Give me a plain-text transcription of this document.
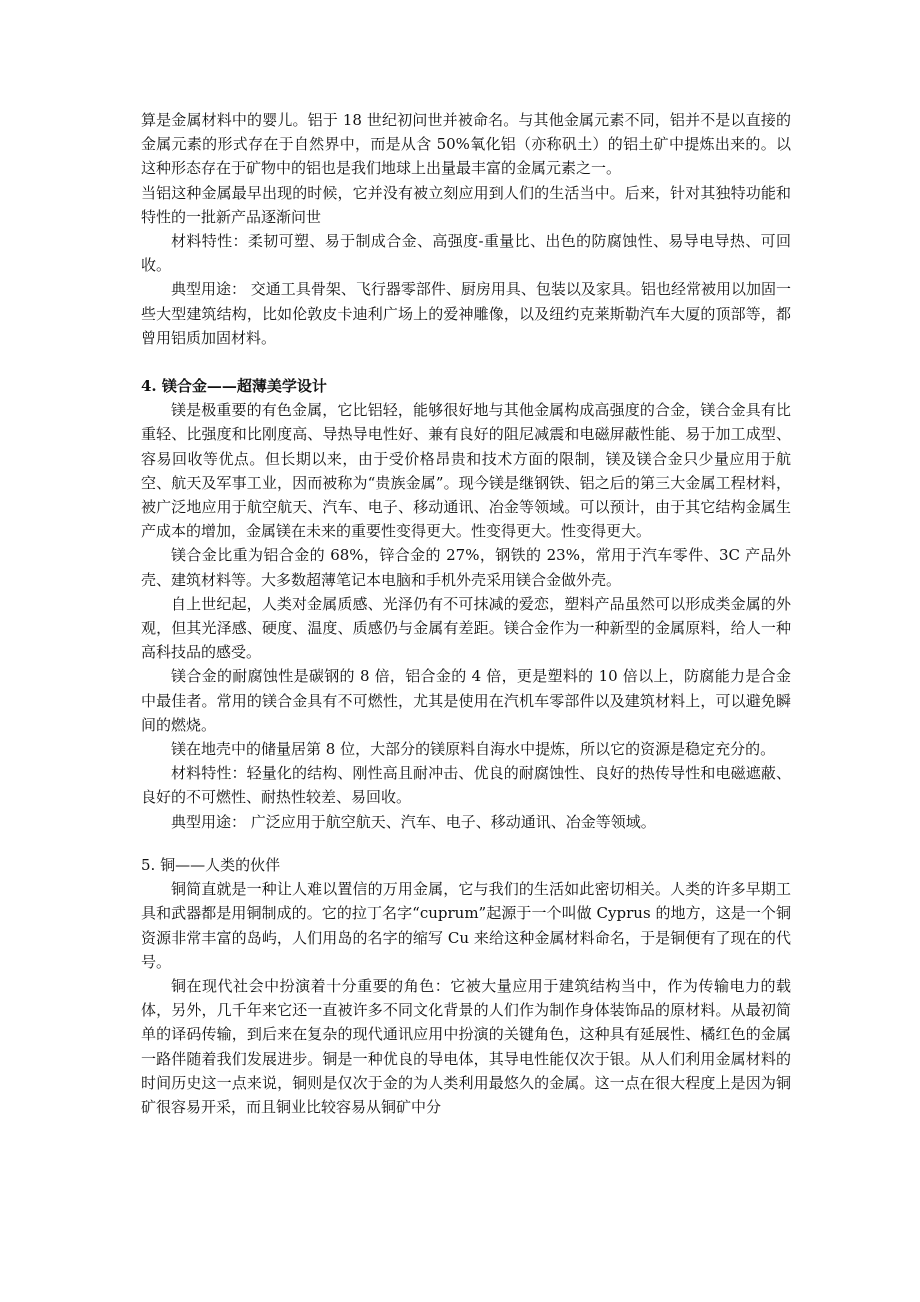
算是金属材料中的婴儿。铝于 18 世纪初问世并被命名。与其他金属元素不同，铝并不是以直接的金属元素的形式存在于自然界中，而是从含 50%氧化铝（亦称矾土）的铝土矿中提炼出来的。以这种形态存在于矿物中的铝也是我们地球上出量最丰富的金属元素之一。

当铝这种金属最早出现的时候，它并没有被立刻应用到人们的生活当中。后来，针对其独特功能和特性的一批新产品逐渐问世

材料特性：柔韧可塑、易于制成合金、高强度-重量比、出色的防腐蚀性、易导电导热、可回收。

典型用途： 交通工具骨架、飞行器零部件、厨房用具、包装以及家具。铝也经常被用以加固一些大型建筑结构，比如伦敦皮卡迪利广场上的爱神雕像，以及纽约克莱斯勒汽车大厦的顶部等，都曾用铝质加固材料。

4. 镁合金——超薄美学设计

镁是极重要的有色金属，它比铝轻，能够很好地与其他金属构成高强度的合金，镁合金具有比重轻、比强度和比刚度高、导热导电性好、兼有良好的阻尼减震和电磁屏蔽性能、易于加工成型、容易回收等优点。但长期以来，由于受价格昂贵和技术方面的限制，镁及镁合金只少量应用于航空、航天及军事工业，因而被称为“贵族金属”。现今镁是继钢铁、铝之后的第三大金属工程材料，被广泛地应用于航空航天、汽车、电子、移动通讯、冶金等领域。可以预计，由于其它结构金属生产成本的增加，金属镁在未来的重要性变得更大。性变得更大。性变得更大。

镁合金比重为铝合金的 68%，锌合金的 27%，钢铁的 23%，常用于汽车零件、3C 产品外壳、建筑材料等。大多数超薄笔记本电脑和手机外壳采用镁合金做外壳。

自上世纪起，人类对金属质感、光泽仍有不可抹减的爱恋，塑料产品虽然可以形成类金属的外观，但其光泽感、硬度、温度、质感仍与金属有差距。镁合金作为一种新型的金属原料，给人一种高科技品的感受。

镁合金的耐腐蚀性是碳钢的 8 倍，铝合金的 4 倍，更是塑料的 10 倍以上，防腐能力是合金中最佳者。常用的镁合金具有不可燃性，尤其是使用在汽机车零部件以及建筑材料上，可以避免瞬间的燃烧。

镁在地壳中的储量居第 8 位，大部分的镁原料自海水中提炼，所以它的资源是稳定充分的。

材料特性：轻量化的结构、刚性高且耐冲击、优良的耐腐蚀性、良好的热传导性和电磁遮蔽、良好的不可燃性、耐热性较差、易回收。

典型用途： 广泛应用于航空航天、汽车、电子、移动通讯、冶金等领域。

5. 铜——人类的伙伴

铜简直就是一种让人难以置信的万用金属，它与我们的生活如此密切相关。人类的许多早期工具和武器都是用铜制成的。它的拉丁名字“cuprum”起源于一个叫做 Cyprus 的地方，这是一个铜资源非常丰富的岛屿，人们用岛的名字的缩写 Cu 来给这种金属材料命名，于是铜便有了现在的代号。

铜在现代社会中扮演着十分重要的角色：它被大量应用于建筑结构当中，作为传输电力的载体，另外，几千年来它还一直被许多不同文化背景的人们作为制作身体装饰品的原材料。从最初简单的译码传输，到后来在复杂的现代通讯应用中扮演的关键角色，这种具有延展性、橘红色的金属一路伴随着我们发展进步。铜是一种优良的导电体，其导电性能仅次于银。从人们利用金属材料的时间历史这一点来说，铜则是仅次于金的为人类利用最悠久的金属。这一点在很大程度上是因为铜矿很容易开采，而且铜业比较容易从铜矿中分
